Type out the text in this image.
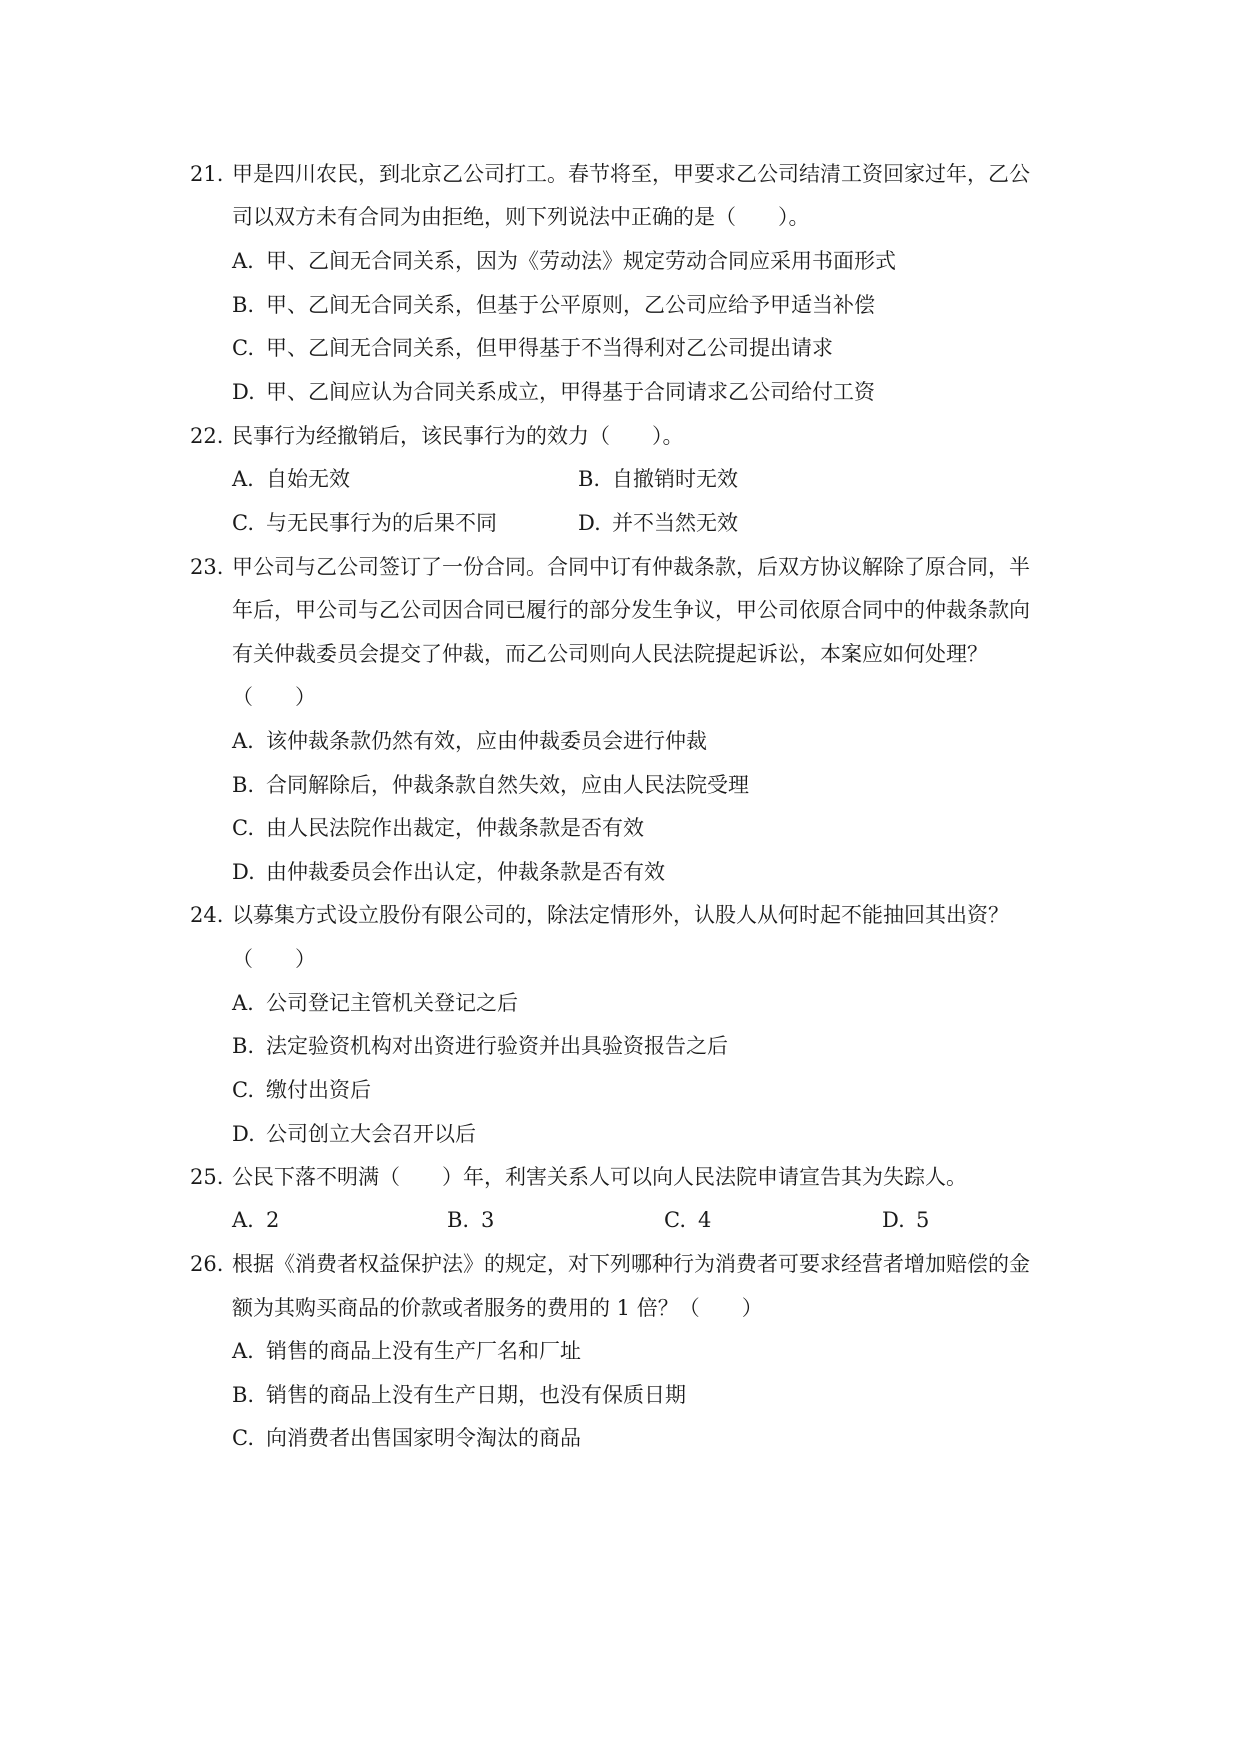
21. 甲是四川农民，到北京乙公司打工。春节将至，甲要求乙公司结清工资回家过年，乙公
司以双方未有合同为由拒绝，则下列说法中正确的是（　　）。
A. 甲、乙间无合同关系，因为《劳动法》规定劳动合同应采用书面形式
B. 甲、乙间无合同关系，但基于公平原则，乙公司应给予甲适当补偿
C. 甲、乙间无合同关系，但甲得基于不当得利对乙公司提出请求
D. 甲、乙间应认为合同关系成立，甲得基于合同请求乙公司给付工资
22. 民事行为经撤销后，该民事行为的效力（　　）。
A. 自始无效	B. 自撤销时无效
C. 与无民事行为的后果不同	D. 并不当然无效
23. 甲公司与乙公司签订了一份合同。合同中订有仲裁条款，后双方协议解除了原合同，半
年后，甲公司与乙公司因合同已履行的部分发生争议，甲公司依原合同中的仲裁条款向
有关仲裁委员会提交了仲裁，而乙公司则向人民法院提起诉讼，本案应如何处理？
（　　）
A. 该仲裁条款仍然有效，应由仲裁委员会进行仲裁
B. 合同解除后，仲裁条款自然失效，应由人民法院受理
C. 由人民法院作出裁定，仲裁条款是否有效
D. 由仲裁委员会作出认定，仲裁条款是否有效
24. 以募集方式设立股份有限公司的，除法定情形外，认股人从何时起不能抽回其出资？
（　　）
A. 公司登记主管机关登记之后
B. 法定验资机构对出资进行验资并出具验资报告之后
C. 缴付出资后
D. 公司创立大会召开以后
25. 公民下落不明满（　　）年，利害关系人可以向人民法院申请宣告其为失踪人。
A. 2	B. 3	C. 4	D. 5
26. 根据《消费者权益保护法》的规定，对下列哪种行为消费者可要求经营者增加赔偿的金
额为其购买商品的价款或者服务的费用的 1 倍？（　　）
A. 销售的商品上没有生产厂名和厂址
B. 销售的商品上没有生产日期，也没有保质日期
C. 向消费者出售国家明令淘汰的商品
